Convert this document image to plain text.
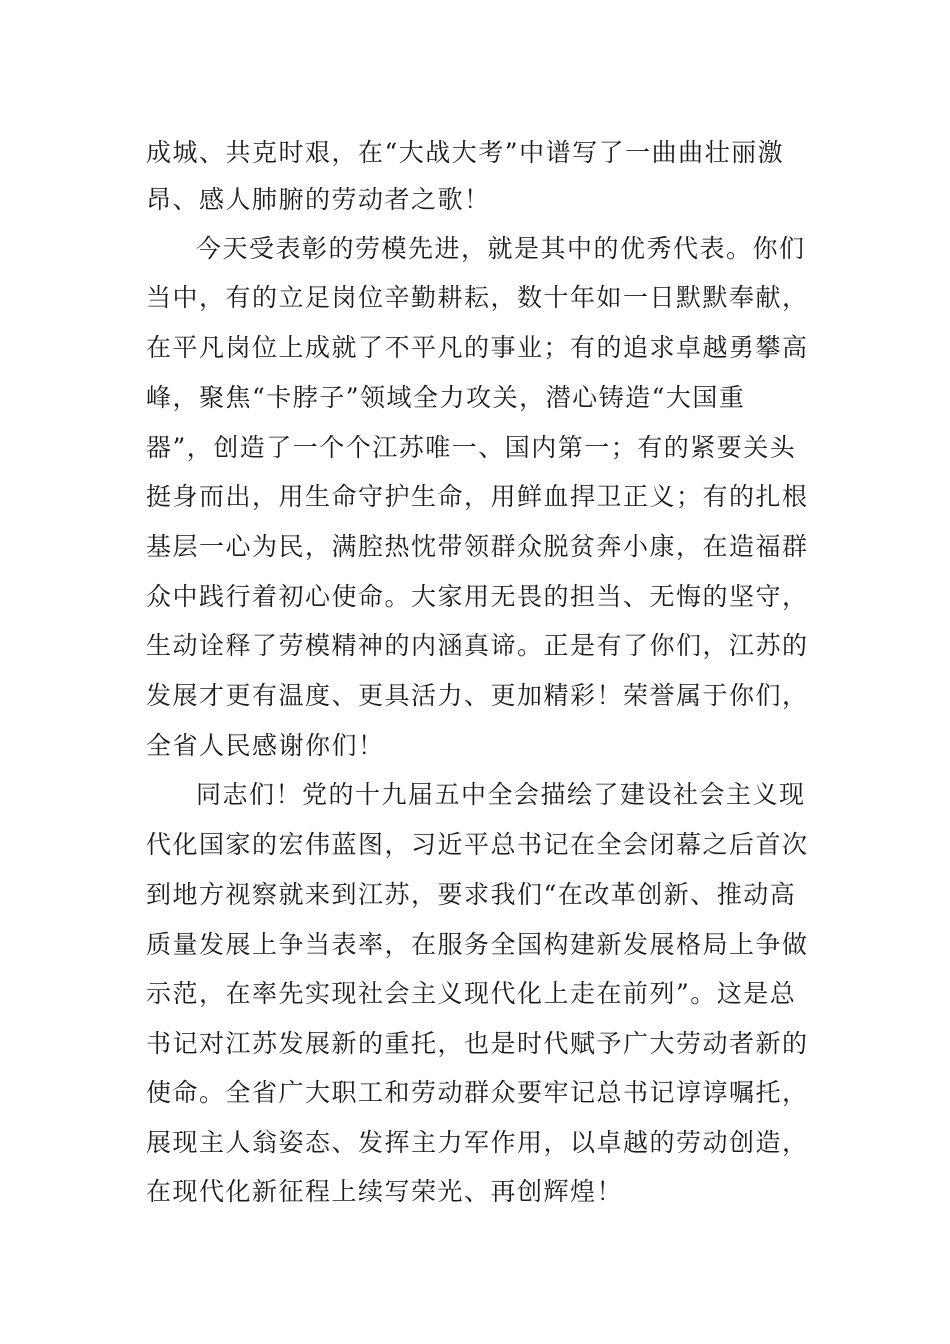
成城、共克时艰，在“大战大考”中谱写了一曲曲壮丽激
昂、感人肺腑的劳动者之歌！
今天受表彰的劳模先进，就是其中的优秀代表。你们
当中，有的立足岗位辛勤耕耘，数十年如一日默默奉献，
在平凡岗位上成就了不平凡的事业；有的追求卓越勇攀高
峰，聚焦“卡脖子”领域全力攻关，潜心铸造“大国重
器”，创造了一个个江苏唯一、国内第一；有的紧要关头
挺身而出，用生命守护生命，用鲜血捍卫正义；有的扎根
基层一心为民，满腔热忱带领群众脱贫奔小康，在造福群
众中践行着初心使命。大家用无畏的担当、无悔的坚守，
生动诠释了劳模精神的内涵真谛。正是有了你们，江苏的
发展才更有温度、更具活力、更加精彩！荣誉属于你们，
全省人民感谢你们！
同志们！党的十九届五中全会描绘了建设社会主义现
代化国家的宏伟蓝图，习近平总书记在全会闭幕之后首次
到地方视察就来到江苏，要求我们“在改革创新、推动高
质量发展上争当表率，在服务全国构建新发展格局上争做
示范，在率先实现社会主义现代化上走在前列”。这是总
书记对江苏发展新的重托，也是时代赋予广大劳动者新的
使命。全省广大职工和劳动群众要牢记总书记谆谆嘱托，
展现主人翁姿态、发挥主力军作用，以卓越的劳动创造，
在现代化新征程上续写荣光、再创辉煌！
